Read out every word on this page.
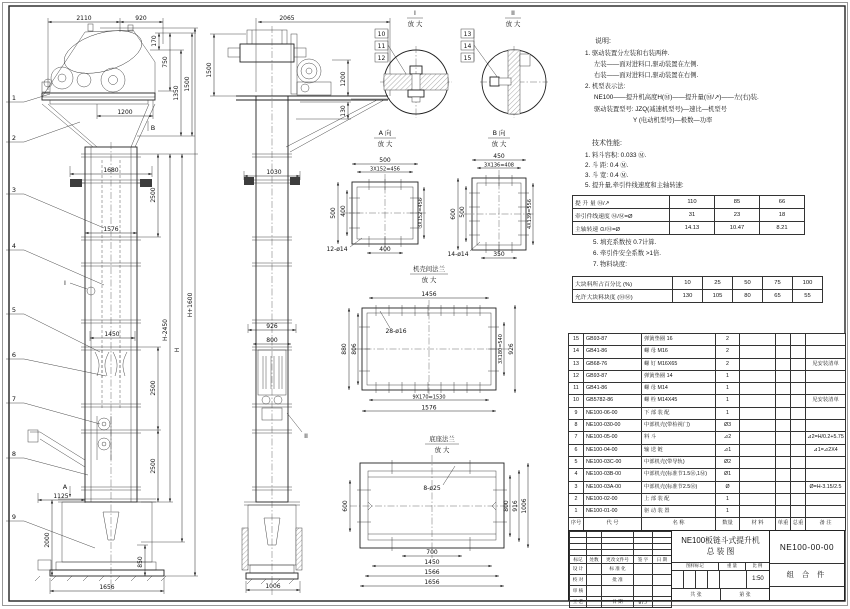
2110	920
170
750
1350
1500
1200
1680
1576
1450
2500
2500
2500
H-2450
H
H+1600
1125
2000
850
1656
1
2
3
4
5
6
7
8
9
B
A
I
II
2065
1500
1200
130
1030
926
800
1006
I
放 大
10
11
12
II
放 大
13
14
15
A 向
放 大
500
3X152=456
500 400	3X152=456
400
12-ø14
B 向
放 大
450
3X136=408
600 500	4X139=556
350
14-ø14
机壳间法兰
放 大
1456
28-ø16
880 806	3X180=540 926
9X170=1530
1576
底座法兰
放 大
8-ø25
600	800 916 1006
700
1450
1566
1656
说明:
1. 驱动装置分左装和右装两种.
左装——面对进料口,驱动装置在左侧.
右装——面对进料口,驱动装置在右侧.
2. 机型表示法:
NE100——提升机高度H(Ⓜ)——提升量(Ⓜ/↗)——左(右)装.
驱动装置型号: JZQ(减速机型号)—速比—机型号
Y (电动机型号)—极数—功率
技术性能:
1. 料斗容积: 0.033 Ⓜ.
2. 斗 距: 0.4 Ⓜ.
3. 斗 宽: 0.4 Ⓜ.
5. 提升量,牵引件线速度和主轴转速:
提 升 量 Ⓜ/↗	110	85	66
牵引件线速度 Ⓜ/Ⓜ=Ø	31	23	18
主轴转速 ⊙/Ⓜ=Ø	14.13	10.47	8.21
5. 填充系数按 0.7计算.
6. 牵引件安全系数 >1倍.
7. 物料块度:
大块料所占百分比 (%)	10	25	50	75	100
允许大块料块度 (ⓂⓂ)	130	105	80	65	55
15	GB93-87	弹簧垫圈 16	2				
14	GB41-86	螺 母 M16	2				
13	GB68-76	螺 钉 M16X65	2				见安装清单
12	GB93-87	弹簧垫圈 14	1				
11	GB41-86	螺 母 M14	1				
10	GB5782-86	螺 栓 M14X45	1				见安装清单
9	NE100-06-00	下 部 装 配	1				
8	NE100-030-00	中部机壳(带检视门)	Ø3				
7	NE100-05-00	料 斗	⊿2				⊿2=H/0.2+5.75
6	NE100-04-00	输 送 链	⊿1				⊿1=⊿2X4
5	NE100-03C-00	中部机壳(带导轨)	Ø2				
4	NE100-03B-00	中部机壳(标准节1.5Ⓜ,1Ⓜ)	Ø1				
3	NE100-03A-00	中部机壳(标准节2.5Ⓜ)	Ø				Ø=H-3.15/2.5
2	NE100-02-00	上 部 装 配	1				
1	NE100-01-00	驱 动 装 置	1				
序号	代 号	名 称	数量	材 料	单重	总重	备 注

标记	处数	更改文件号	签 字	日 期
设 计		标 准 化		
校 对		批 准		
审 核				
工 艺		日 期	97.7	
NE100板链斗式提升机
总 装 图
图样标记	重 量	比 例
1:50
共 张	第 张
NE100-00-00
组 合 件
